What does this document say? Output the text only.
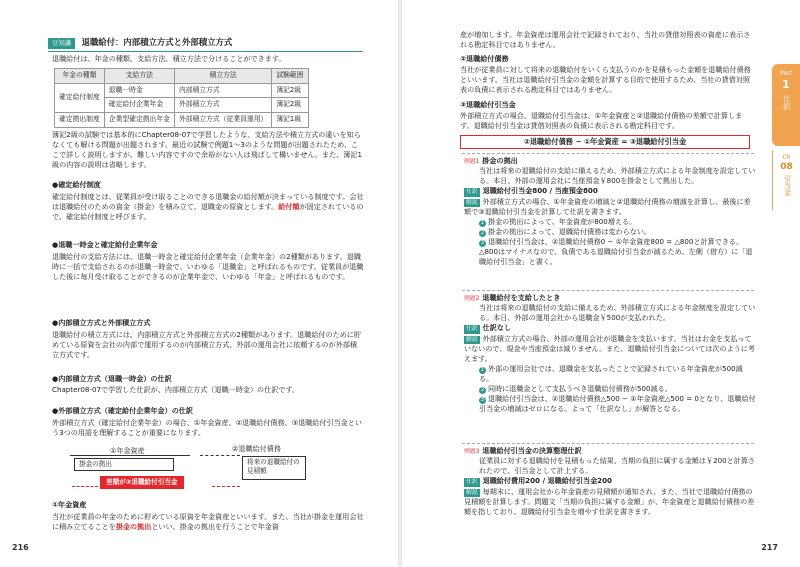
豆知識 退職給付：内部積立方式と外部積立方式
退職給付は、年金の種類、支給方法、積立方法で分けることができます。
年金の種類	支給方法	積立方法	試験範囲
確定給付制度	退職一時金	内部積立方式	簿記2級
	確定給付企業年金	外部積立方式	簿記2級
確定拠出制度	企業型確定拠出年金	外部積立方式（従業員運用）	簿記1級
簿記2級の試験では基本的にChapter08-07で学習したような、支給方法や積立方式の違いを知らなくても解ける問題が出題されます。最近の試験で例題1〜3のような問題が出題されたため、ここで詳しく説明しますが、難しい内容ですので余裕がない人は飛ばして構いません。また、簿記1級の内容の説明は省略します。
●確定給付制度
確定給付制度とは、従業員が受け取ることのできる退職金の給付額が決まっている制度です。会社は退職給付のための資金（掛金）を積み立て、退職金の原資とします。給付額が固定されているので、確定給付制度と呼びます。
●退職一時金と確定給付企業年金
退職給付の支給方法には、退職一時金と確定給付企業年金（企業年金）の2種類があります。退職時に一括で支給されるのが退職一時金で、いわゆる「退職金」と呼ばれるものです。従業員が退職した後に毎月受け取ることができるのが企業年金で、いわゆる「年金」と呼ばれるものです。
●内部積立方式と外部積立方式
退職給付の積立方式には、内部積立方式と外部積立方式の2種類があります。退職給付のために貯めている原資を会社の内部で運用するのが内部積立方式、外部の運用会社に依頼するのが外部積立方式です。
●内部積立方式（退職一時金）の仕訳
Chapter08-07で学習した仕訳が、内部積立方式（退職一時金）の仕訳です。
●外部積立方式（確定給付企業年金）の仕訳
外部積立方式（確定給付企業年金）の場合、①年金資産、②退職給付債務、③退職給付引当金という3つの用語を理解することが重要になります。
①年金資産	②退職給付債務
掛金の拠出	将来の退職給付の見積額
差額が③退職給付引当金
①年金資産
当社が従業員の年金のために貯めている原資を年金資産といいます。また、当社が掛金を運用会社に積み立てることを掛金の拠出といい、掛金の拠出を行うことで年金資
216
産が増加します。年金資産は運用会社で記録されており、当社の貸借対照表の資産に表示される勘定科目ではありません。
②退職給付債務
当社が従業員に対して将来の退職給付をいくら支払うのかを見積もった金額を退職給付債務といいます。当社は退職給付引当金の金額を計算する目的で使用するため、当社の貸借対照表の負債に表示される勘定科目ではありません。
③退職給付引当金
外部積立方式の場合、退職給付引当金は、①年金資産と②退職給付債務の差額で計算します。退職給付引当金は貸借対照表の負債に表示される勘定科目です。
②退職給付債務 − ①年金資産 = ③退職給付引当金
例題1 掛金の拠出
当社は将来の退職給付の支給に備えるため、外部積立方式による年金制度を設定している。本日、外部の運用会社に当座預金￥800を掛金として拠出した。
仕訳 退職給付引当金800 / 当座預金800
解説 外部積立方式の場合、①年金資産の増減と②退職給付債務の増減を計算し、最後に差額で③退職給付引当金を計算して仕訳を書きます。
1 掛金の拠出によって、年金資産が800増える。
2 掛金の拠出によって、退職給付債務は変わらない。
3 退職給付引当金は、②退職給付債務0 − ①年金資産800 = △800と計算できる。△800はマイナスなので、負債である退職給付引当金が減るため、左側（借方）に「退職給付引当金」と書く。
例題2 退職給付を支給したとき
当社は将来の退職給付の支給に備えるため、外部積立方式による年金制度を設定している。本日、外部の運用会社から退職金￥500が支払われた。
仕訳 仕訳なし
解説 外部積立方式の場合、外部の運用会社が退職金を支払います。当社はお金を支払っていないので、現金や当座預金は減りません。また、退職給付引当金については次のように考えます。
1 外部の運用会社では、退職金を支払ったことで記録されている年金資産が500減る。
2 同時に退職金として支払うべき退職給付債務が500減る。
3 退職給付引当金は、②退職給付債務△500 − ①年金資産△500 = 0となり、退職給付引当金の増減はゼロになる。よって「仕訳なし」が解答となる。
例題3 退職給付引当金の決算整理仕訳
従業員に対する退職給付を見積もった結果、当期の負担に属する金額は￥200と計算されたので、引当金として計上する。
仕訳 退職給付費用200 / 退職給付引当金200
解説 毎期末に、運用会社から年金資産の見積額が通知され、また、当社で退職給付債務の見積額を計算します。問題文「当期の負担に属する金額」が、年金資産と退職給付債務の差額を指しており、退職給付引当金を増やす仕訳を書きます。
Part
1
仕訳
Ch
08
引当金
217
